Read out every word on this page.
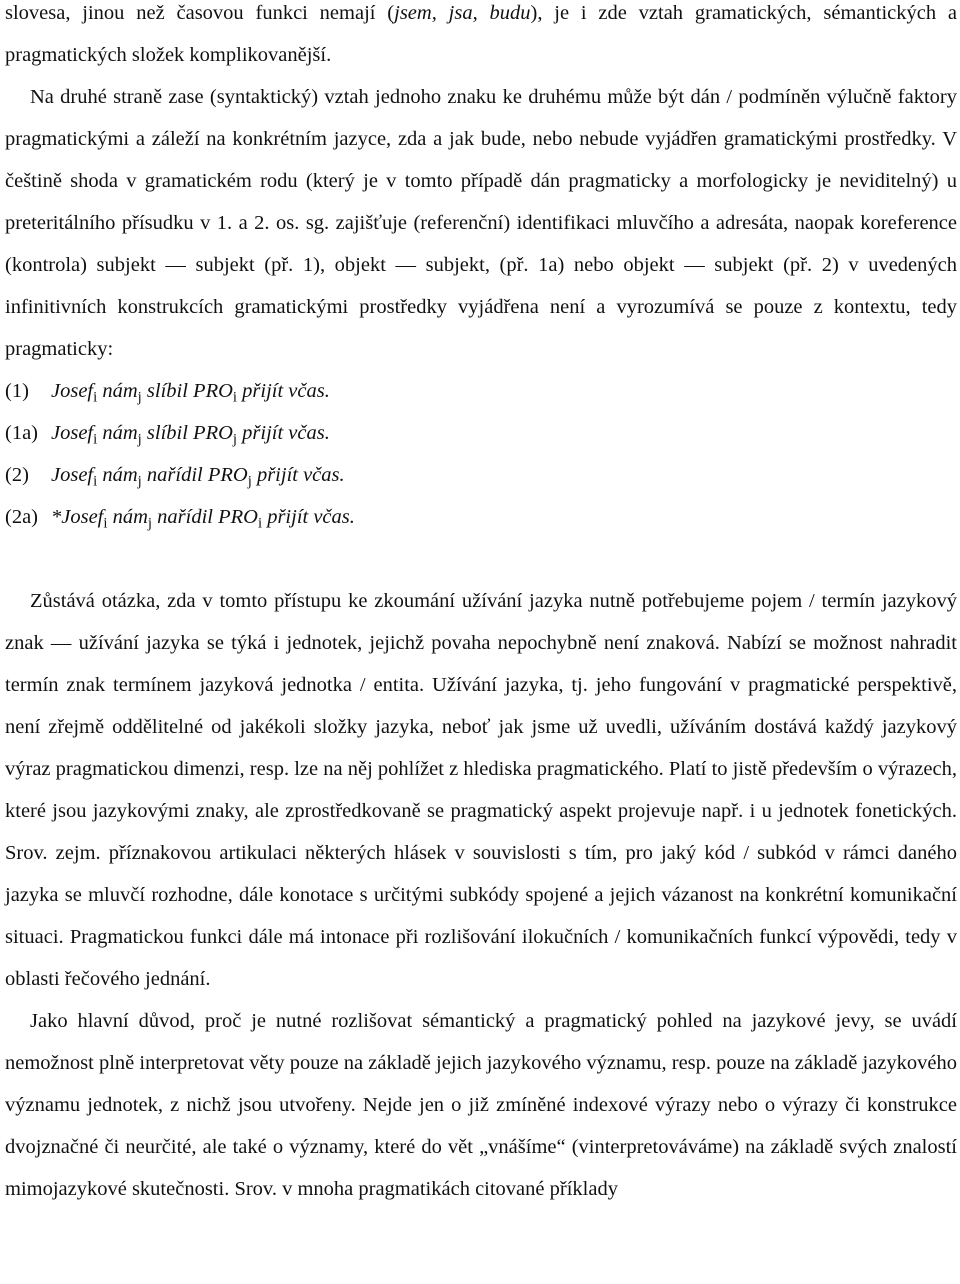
slovesa, jinou než časovou funkci nemají (jsem, jsa, budu), je i zde vztah gramatických, sémantických a pragmatických složek komplikovanější.

Na druhé straně zase (syntaktický) vztah jednoho znaku ke druhému může být dán / podmíněn výlučně faktory pragmatickými a záleží na konkrétním jazyce, zda a jak bude, nebo nebude vyjádřen gramatickými prostředky. V češtině shoda v gramatickém rodu (který je v tomto případě dán pragmaticky a morfologicky je neviditelný) u preteritálního přísudku v 1. a 2. os. sg. zajišťuje (referenční) identifikaci mluvčího a adresáta, naopak koreference (kontrola) subjekt — subjekt (př. 1), objekt — subjekt, (př. 1a) nebo objekt — subjekt (př. 2) v uvedených infinitivních konstrukcích gramatickými prostředky vyjádřena není a vyrozumívá se pouze z kontextu, tedy pragmaticky:

(1) Josef$_i$ nám$_j$ slíbil $PRO_i$ přijít včas.

(1a) Josef$_i$ nám$_j$ slíbil $PRO_j$ přijít včas.

(2) Josef$_i$ nám$_j$ nařídil $PRO_j$ přijít včas.

(2a) *Josef$_i$ nám$_j$ nařídil $PRO_i$ přijít včas.

Zůstává otázka, zda v tomto přístupu ke zkoumání užívání jazyka nutně potřebujeme pojem / termín jazykový znak — užívání jazyka se týká i jednotek, jejichž povaha nepochybně není znaková. Nabízí se možnost nahradit termín znak termínem jazyková jednotka / entita. Užívání jazyka, tj. jeho fungování v pragmatické perspektivě, není zřejmě oddělitelné od jakékoli složky jazyka, neboť jak jsme už uvedli, užíváním dostává každý jazykový výraz pragmatickou dimenzi, resp. lze na něj pohlížet z hlediska pragmatického. Platí to jistě především o výrazech, které jsou jazykovými znaky, ale zprostředkovaně se pragmatický aspekt projevuje např. i u jednotek fonetických. Srov. zejm. příznakovou artikulaci některých hlásek v souvislosti s tím, pro jaký kód / subkód v rámci daného jazyka se mluvčí rozhodne, dále konotace s určitými subkódy spojené a jejich vázanost na konkrétní komunikační situaci. Pragmatickou funkci dále má intonace při rozlišování ilokučních / komunikačních funkcí výpovědi, tedy v oblasti řečového jednání.

Jako hlavní důvod, proč je nutné rozlišovat sémantický a pragmatický pohled na jazykové jevy, se uvádí nemožnost plně interpretovat věty pouze na základě jejich jazykového významu, resp. pouze na základě jazykového významu jednotek, z nichž jsou utvořeny. Nejde jen o již zmíněné indexové výrazy nebo o výrazy či konstrukce dvojznačné či neurčité, ale také o významy, které do vět „vnášíme“ (vinterpretováváme) na základě svých znalostí mimojazykové skutečnosti. Srov. v mnoha pragmatikách citované příklady
